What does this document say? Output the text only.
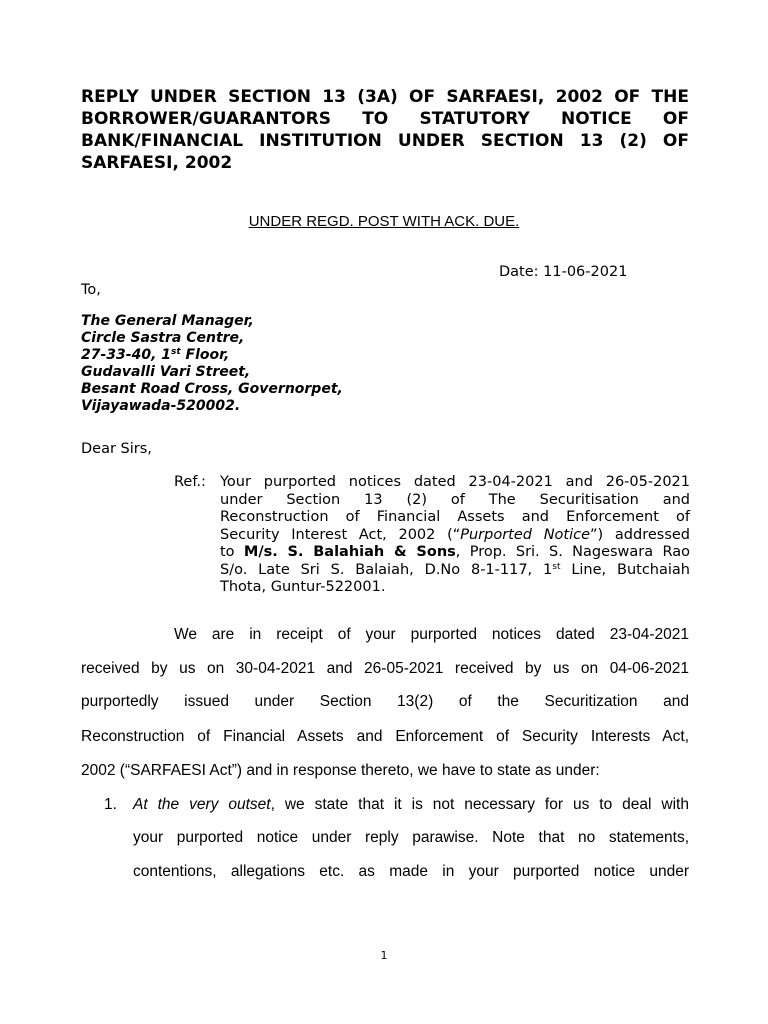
REPLY UNDER SECTION 13 (3A) OF SARFAESI, 2002 OF THE
BORROWER/GUARANTORS TO STATUTORY NOTICE OF
BANK/FINANCIAL INSTITUTION UNDER SECTION 13 (2) OF
SARFAESI, 2002
UNDER REGD. POST WITH ACK. DUE.
Date: 11-06-2021
To,
The General Manager,
Circle Sastra Centre,
27-33-40, 1st Floor,
Gudavalli Vari Street,
Besant Road Cross, Governorpet,
Vijayawada-520002.
Dear Sirs,
Ref.: Your purported notices dated 23-04-2021 and 26-05-2021
under Section 13 (2) of The Securitisation and
Reconstruction of Financial Assets and Enforcement of
Security Interest Act, 2002 (“Purported Notice”) addressed
to M/s. S. Balahiah & Sons, Prop. Sri. S. Nageswara Rao
S/o. Late Sri S. Balaiah, D.No 8-1-117, 1st Line, Butchaiah
Thota, Guntur-522001.
We are in receipt of your purported notices dated 23-04-2021
received by us on 30-04-2021 and 26-05-2021 received by us on 04-06-2021
purportedly issued under Section 13(2) of the Securitization and
Reconstruction of Financial Assets and Enforcement of Security Interests Act,
2002 (“SARFAESI Act”) and in response thereto, we have to state as under:
1. At the very outset, we state that it is not necessary for us to deal with
your purported notice under reply parawise. Note that no statements,
contentions, allegations etc. as made in your purported notice under
1
